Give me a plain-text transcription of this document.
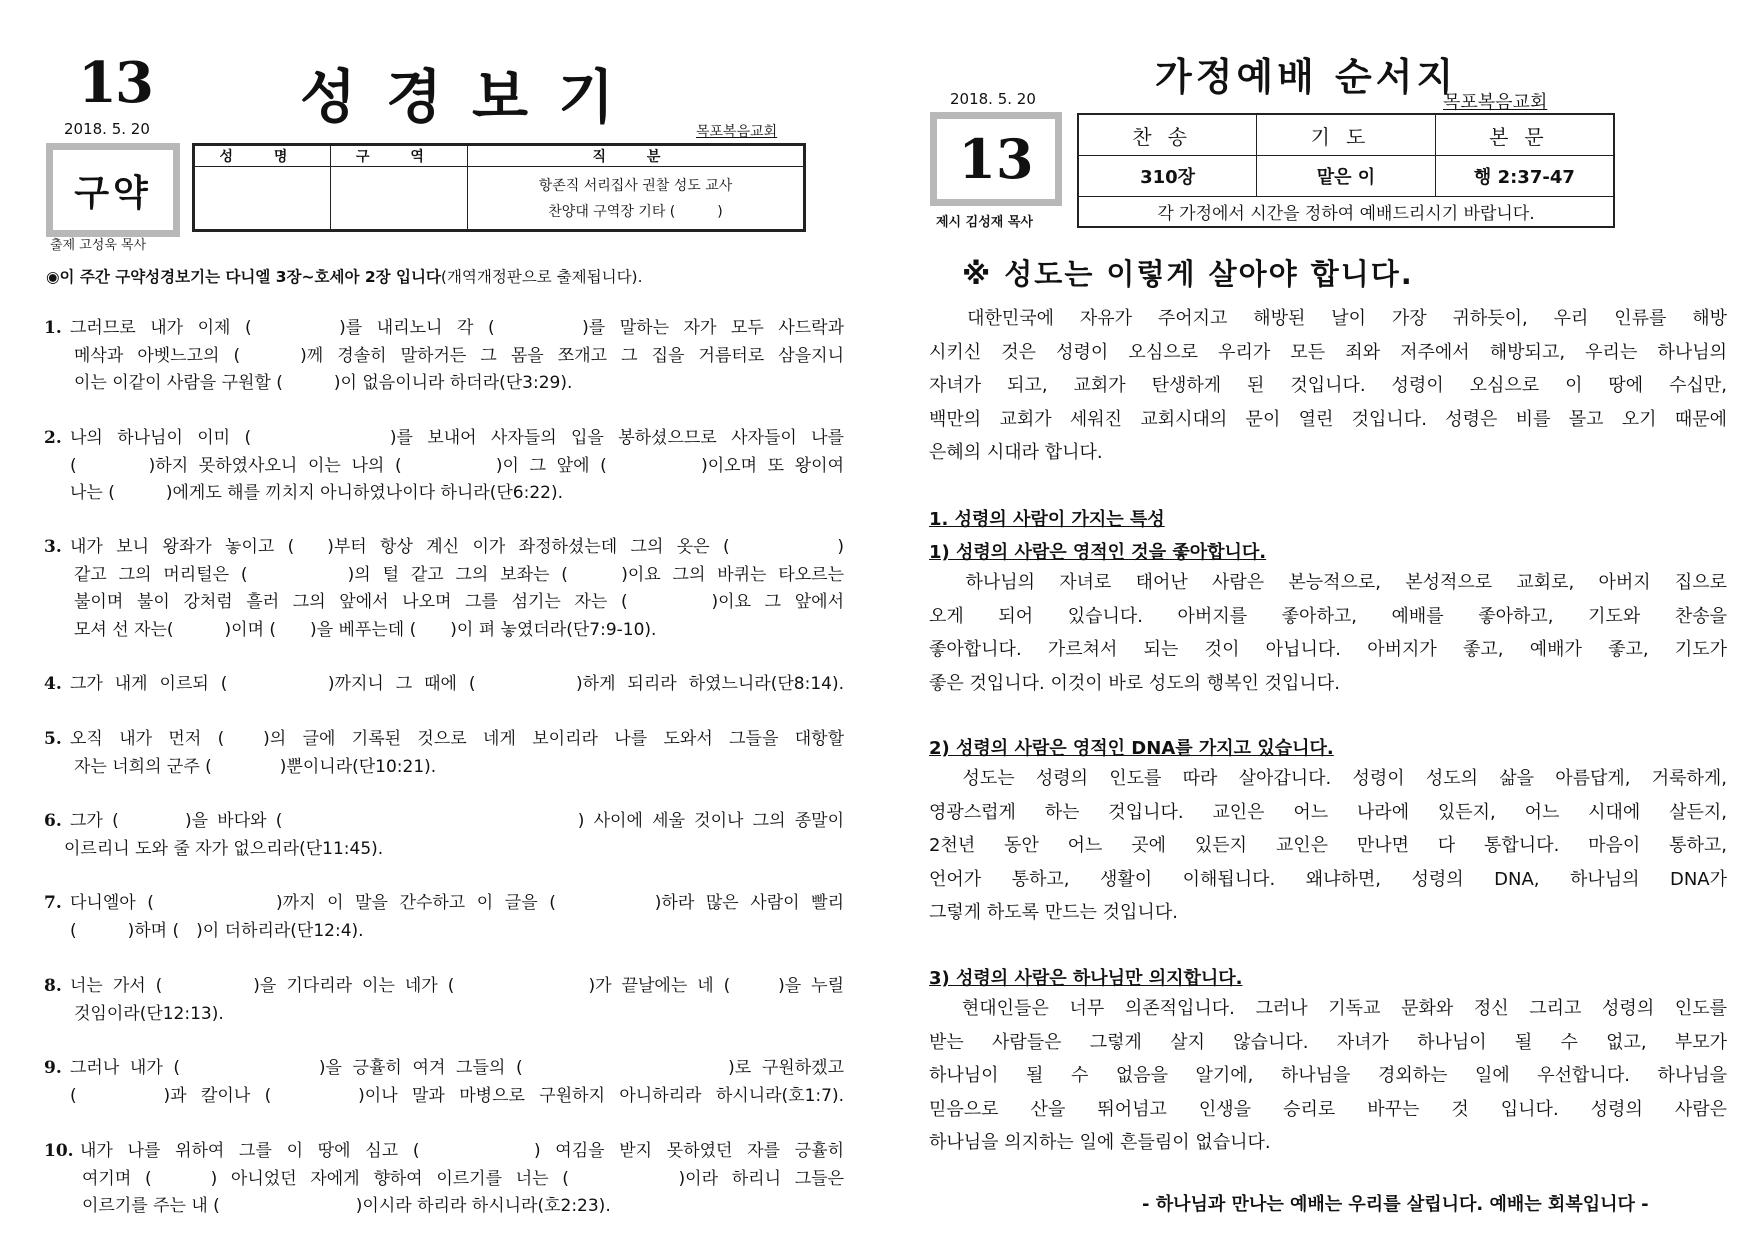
13	성경보기
2018. 5. 20	목포복음교회
구약
출제 고성욱 목사
성 명	구 역	직 분

		항존직 서리집사 권찰 성도 교사
찬양대 구역장 기타 (　　　)
◉이 주간 구약성경보기는 다니엘 3장~호세아 2장 입니다(개역개정판으로 출제됩니다).
1. 그러므로 내가 이제 (　　　)를 내리노니 각 (　　　)를 말하는 자가 모두 사드락과
메삭과 아벳느고의 (　　)께 경솔히 말하거든 그 몸을 쪼개고 그 집을 거름터로 삼을지니
이는 이같이 사람을 구원할 (　　　)이 없음이니라 하더라(단3:29).
2. 나의 하나님이 이미 (　　　　　)를 보내어 사자들의 입을 봉하셨으므로 사자들이 나를
(　　　)하지 못하였사오니 이는 나의 (　　　　)이 그 앞에 (　　　　)이오며 또 왕이여
나는 (　　　)에게도 해를 끼치지 아니하였나이다 하니라(단6:22).
3. 내가 보니 왕좌가 놓이고 (　)부터 항상 계신 이가 좌정하셨는데 그의 옷은 (　　　　)
같고 그의 머리털은 (　　　　)의 털 같고 그의 보좌는 (　　)이요 그의 바퀴는 타오르는
불이며 불이 강처럼 흘러 그의 앞에서 나오며 그를 섬기는 자는 (　　　)이요 그 앞에서
모셔 선 자는(　　　)이며 (　　)을 베푸는데 (　　)이 펴 놓였더라(단7:9-10).
4. 그가 내게 이르되 (　　　　)까지니 그 때에 (　　　　)하게 되리라 하였느니라(단8:14).
5. 오직 내가 먼저 (　)의 글에 기록된 것으로 네게 보이리라 나를 도와서 그들을 대항할
자는 너희의 군주 (　　　　)뿐이니라(단10:21).
6. 그가 (　　　)을 바다와 (　　　　　　　　　　　　　　) 사이에 세울 것이나 그의 종말이
이르리니 도와 줄 자가 없으리라(단11:45).
7. 다니엘아 (　　　　　)까지 이 말을 간수하고 이 글을 (　　　　)하라 많은 사람이 빨리
(　　　)하며 (　)이 더하리라(단12:4).
8. 너는 가서 (　　　　)을 기다리라 이는 네가 (　　　　　　)가 끝날에는 네 (　　)을 누릴
것임이라(단12:13).
9. 그러나 내가 (　　　　　　)을 긍휼히 여겨 그들의 (　　　　　　　　　)로 구원하겠고
(　　　)과 칼이나 (　　　)이나 말과 마병으로 구원하지 아니하리라 하시니라(호1:7).
10. 내가 나를 위하여 그를 이 땅에 심고 (　　　　) 여김을 받지 못하였던 자를 긍휼히
여기며 (　　) 아니었던 자에게 향하여 이르기를 너는 (　　　　)이라 하리니 그들은
이르기를 주는 내 (　　　　　　　　)이시라 하리라 하시니라(호2:23).
가정예배 순서지
목포복음교회
2018. 5. 20
13
제시 김성재 목사
찬송	기도	본문
310장	맡은 이	행 2:37-47
각 가정에서 시간을 정하여 예배드리시기 바랍니다.		
※ 성도는 이렇게 살아야 합니다.
　대한민국에 자유가 주어지고 해방된 날이 가장 귀하듯이, 우리 인류를 해방
시키신 것은 성령이 오심으로 우리가 모든 죄와 저주에서 해방되고, 우리는 하나님의
자녀가 되고, 교회가 탄생하게 된 것입니다. 성령이 오심으로 이 땅에 수십만,
백만의 교회가 세워진 교회시대의 문이 열린 것입니다. 성령은 비를 몰고 오기 때문에
은혜의 시대라 합니다.
1. 성령의 사람이 가지는 특성
1) 성령의 사람은 영적인 것을 좋아합니다.
　하나님의 자녀로 태어난 사람은 본능적으로, 본성적으로 교회로, 아버지 집으로
오게 되어 있습니다. 아버지를 좋아하고, 예배를 좋아하고, 기도와 찬송을
좋아합니다. 가르쳐서 되는 것이 아닙니다. 아버지가 좋고, 예배가 좋고, 기도가
좋은 것입니다. 이것이 바로 성도의 행복인 것입니다.
2) 성령의 사람은 영적인 DNA를 가지고 있습니다.
　성도는 성령의 인도를 따라 살아갑니다. 성령이 성도의 삶을 아름답게, 거룩하게,
영광스럽게 하는 것입니다. 교인은 어느 나라에 있든지, 어느 시대에 살든지,
2천년 동안 어느 곳에 있든지 교인은 만나면 다 통합니다. 마음이 통하고,
언어가 통하고, 생활이 이해됩니다. 왜냐하면, 성령의 DNA, 하나님의 DNA가
그렇게 하도록 만드는 것입니다.
3) 성령의 사람은 하나님만 의지합니다.
　현대인들은 너무 의존적입니다. 그러나 기독교 문화와 정신 그리고 성령의 인도를
받는 사람들은 그렇게 살지 않습니다. 자녀가 하나님이 될 수 없고, 부모가
하나님이 될 수 없음을 알기에, 하나님을 경외하는 일에 우선합니다. 하나님을
믿음으로 산을 뛰어넘고 인생을 승리로 바꾸는 것 입니다. 성령의 사람은
하나님을 의지하는 일에 흔들림이 없습니다.
- 하나님과 만나는 예배는 우리를 살립니다. 예배는 회복입니다 -
